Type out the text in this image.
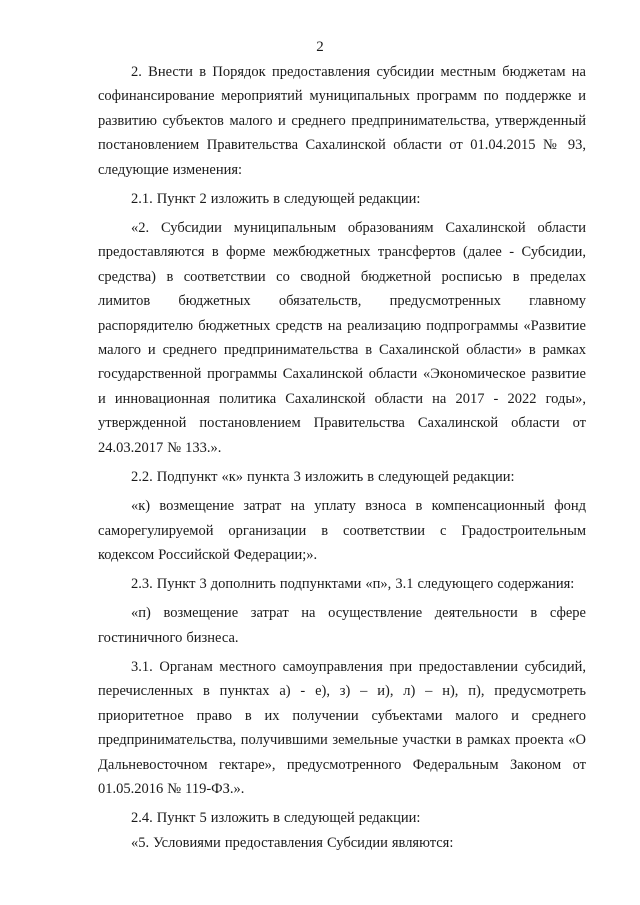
2

2. Внести в Порядок предоставления субсидии местным бюджетам на софинансирование мероприятий муниципальных программ по поддержке и развитию субъектов малого и среднего предпринимательства, утвержденный постановлением Правительства Сахалинской области от 01.04.2015 № 93, следующие изменения:

2.1. Пункт 2 изложить в следующей редакции:

«2. Субсидии муниципальным образованиям Сахалинской области предоставляются в форме межбюджетных трансфертов (далее - Субсидии, средства) в соответствии со сводной бюджетной росписью в пределах лимитов бюджетных обязательств, предусмотренных главному распорядителю бюджетных средств на реализацию подпрограммы «Развитие малого и среднего предпринимательства в Сахалинской области» в рамках государственной программы Сахалинской области «Экономическое развитие и инновационная политика Сахалинской области на 2017 - 2022 годы», утвержденной постановлением Правительства Сахалинской области от 24.03.2017 № 133.».

2.2. Подпункт «к» пункта 3 изложить в следующей редакции:

«к) возмещение затрат на уплату взноса в компенсационный фонд саморегулируемой организации в соответствии с Градостроительным кодексом Российской Федерации;».

2.3. Пункт 3 дополнить подпунктами «п», 3.1 следующего содержания:

«п) возмещение затрат на осуществление деятельности в сфере гостиничного бизнеса.

3.1. Органам местного самоуправления при предоставлении субсидий, перечисленных в пунктах а) - е), з) – и), л) – н), п), предусмотреть приоритетное право в их получении субъектами малого и среднего предпринимательства, получившими земельные участки в рамках проекта «О Дальневосточном гектаре», предусмотренного Федеральным Законом от 01.05.2016 № 119-ФЗ.».

2.4. Пункт 5 изложить в следующей редакции:

«5. Условиями предоставления Субсидии являются:
